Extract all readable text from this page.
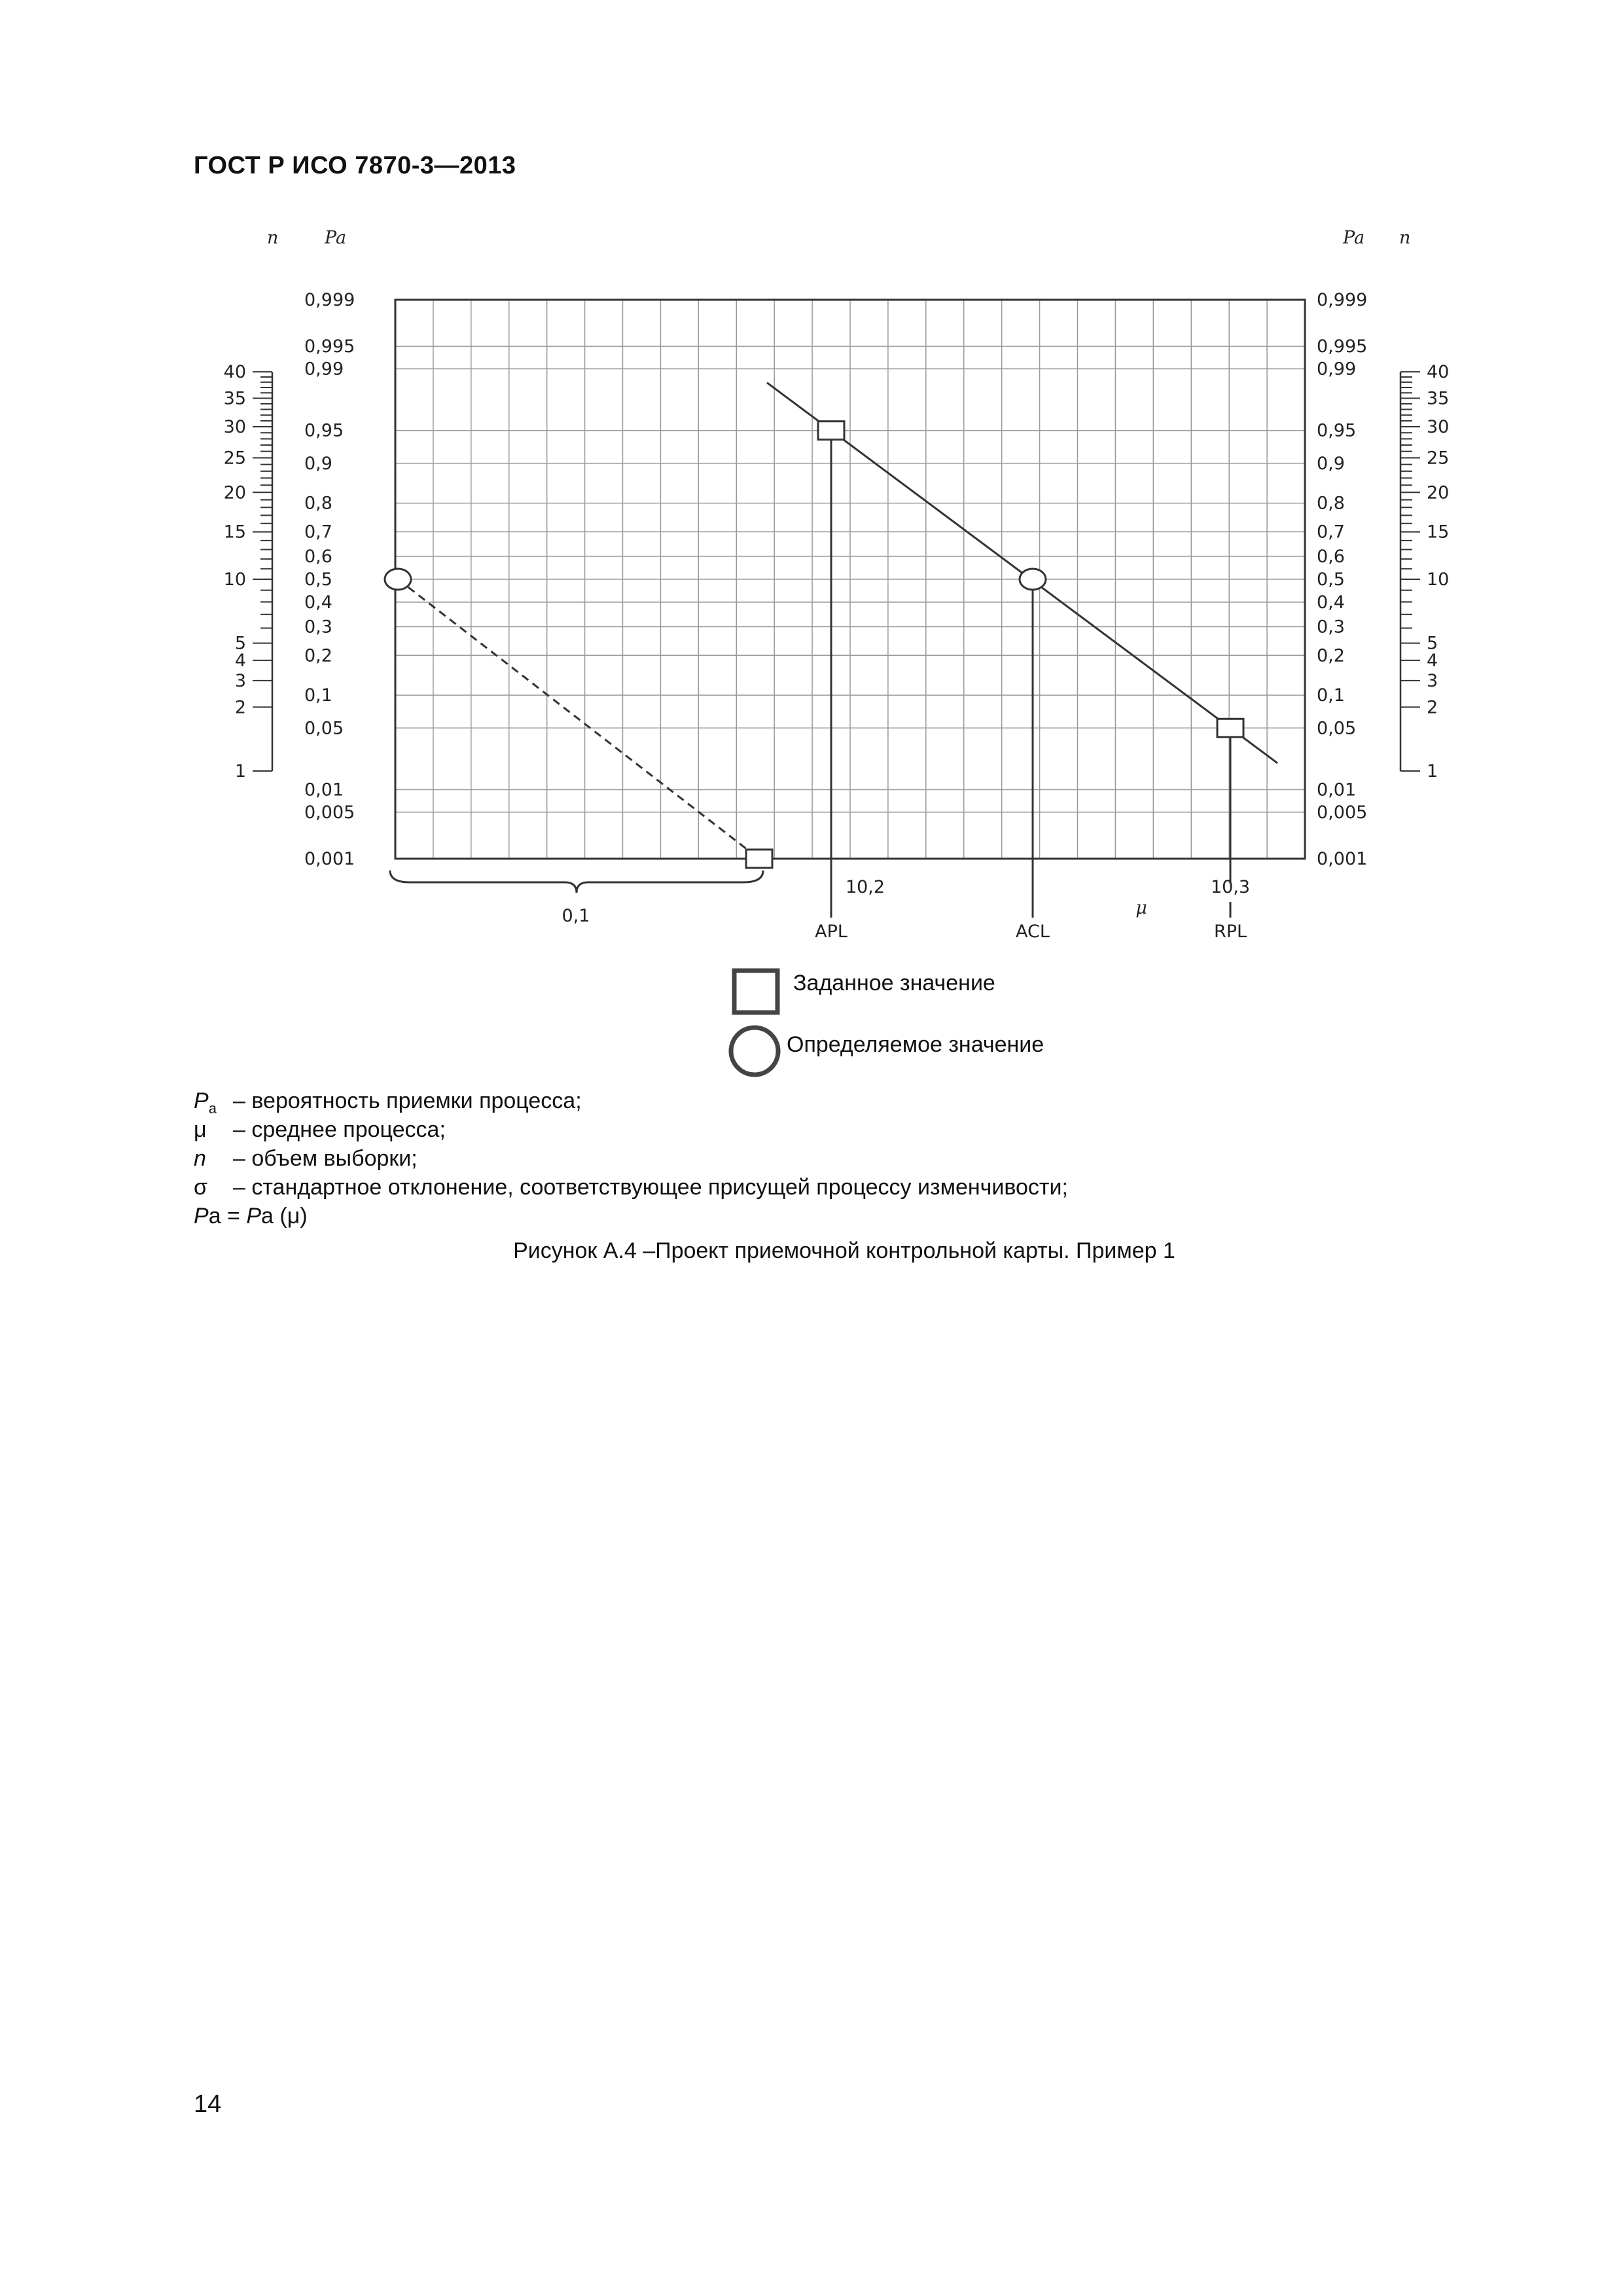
ГОСТ Р ИСО 7870-3—2013
40
35
30
25
20
15
10
5
4
3
2
1
40
35
30
25
20
15
10
5
4
3
2
1
0,999	0,999
0,995	0,995
0,99	0,99
0,95	0,95
0,9	0,9
0,8	0,8
0,7	0,7
0,6	0,6
0,5	0,5
0,4	0,4
0,3	0,3
0,2	0,2
0,1	0,1
0,05	0,05
0,01	0,01
0,005	0,005
0,001	0,001
n	Pa	Pa n
μ
0,1
10,2	10,3
APL	ACL	RPL
Заданное значение
Определяемое значение
$P_a$ – вероятность приемки процесса;
μ – среднее процесса;
n – объем выборки;
σ – стандартное отклонение, соответствующее присущей процессу изменчивости;
Pa = Pa (μ)
Рисунок А.4 –Проект приемочной контрольной карты. Пример 1
14
